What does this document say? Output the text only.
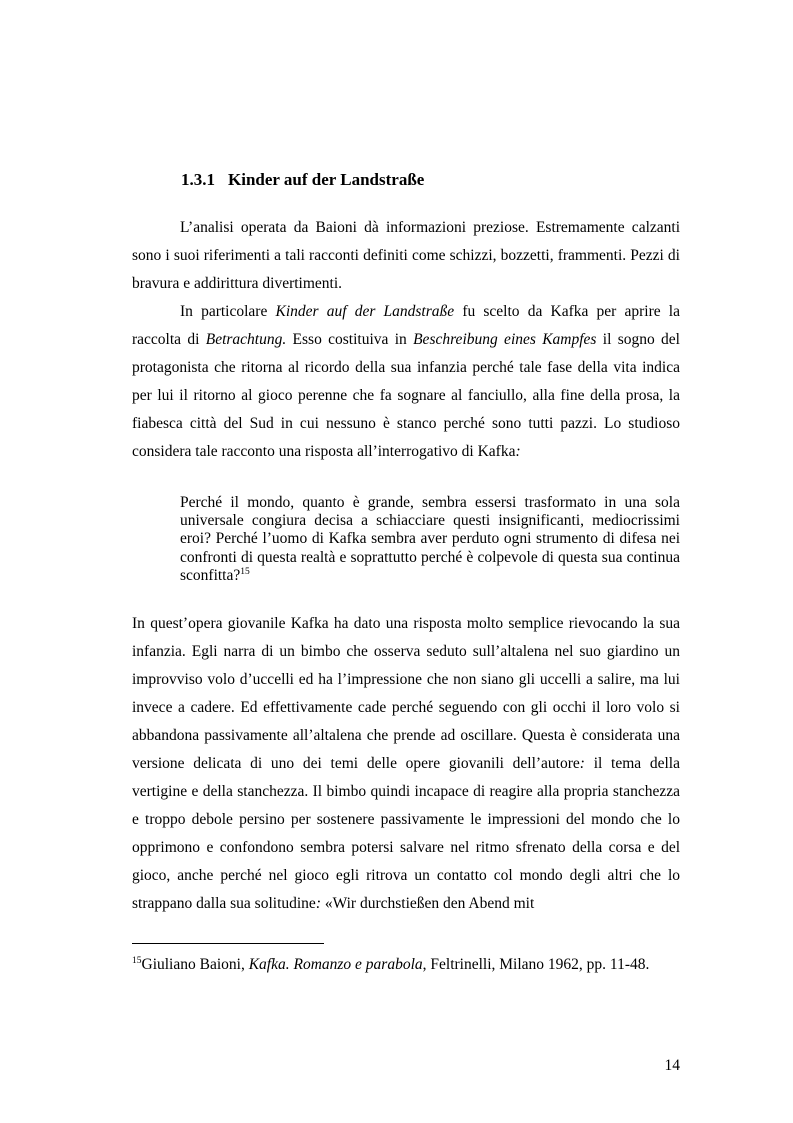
1.3.1 Kinder auf der Landstraße

L’analisi operata da Baioni dà informazioni preziose. Estremamente calzanti sono i suoi riferimenti a tali racconti definiti come schizzi, bozzetti, frammenti. Pezzi di bravura e addirittura divertimenti.

In particolare Kinder auf der Landstraße fu scelto da Kafka per aprire la raccolta di Betrachtung. Esso costituiva in Beschreibung eines Kampfes il sogno del protagonista che ritorna al ricordo della sua infanzia perché tale fase della vita indica per lui il ritorno al gioco perenne che fa sognare al fanciullo, alla fine della prosa, la fiabesca città del Sud in cui nessuno è stanco perché sono tutti pazzi. Lo studioso considera tale racconto una risposta all’interrogativo di Kafka:

Perché il mondo, quanto è grande, sembra essersi trasformato in una sola universale congiura decisa a schiacciare questi insignificanti, mediocrissimi eroi? Perché l’uomo di Kafka sembra aver perduto ogni strumento di difesa nei confronti di questa realtà e soprattutto perché è colpevole di questa sua continua sconfitta?$^{15}$

In quest’opera giovanile Kafka ha dato una risposta molto semplice rievocando la sua infanzia. Egli narra di un bimbo che osserva seduto sull’altalena nel suo giardino un improvviso volo d’uccelli ed ha l’impressione che non siano gli uccelli a salire, ma lui invece a cadere. Ed effettivamente cade perché seguendo con gli occhi il loro volo si abbandona passivamente all’altalena che prende ad oscillare. Questa è considerata una versione delicata di uno dei temi delle opere giovanili dell’autore: il tema della vertigine e della stanchezza. Il bimbo quindi incapace di reagire alla propria stanchezza e troppo debole persino per sostenere passivamente le impressioni del mondo che lo opprimono e confondono sembra potersi salvare nel ritmo sfrenato della corsa e del gioco, anche perché nel gioco egli ritrova un contatto col mondo degli altri che lo strappano dalla sua solitudine: «Wir durchstießen den Abend mit

$^{15}$Giuliano Baioni, Kafka. Romanzo e parabola, Feltrinelli, Milano 1962, pp. 11-48.
14
